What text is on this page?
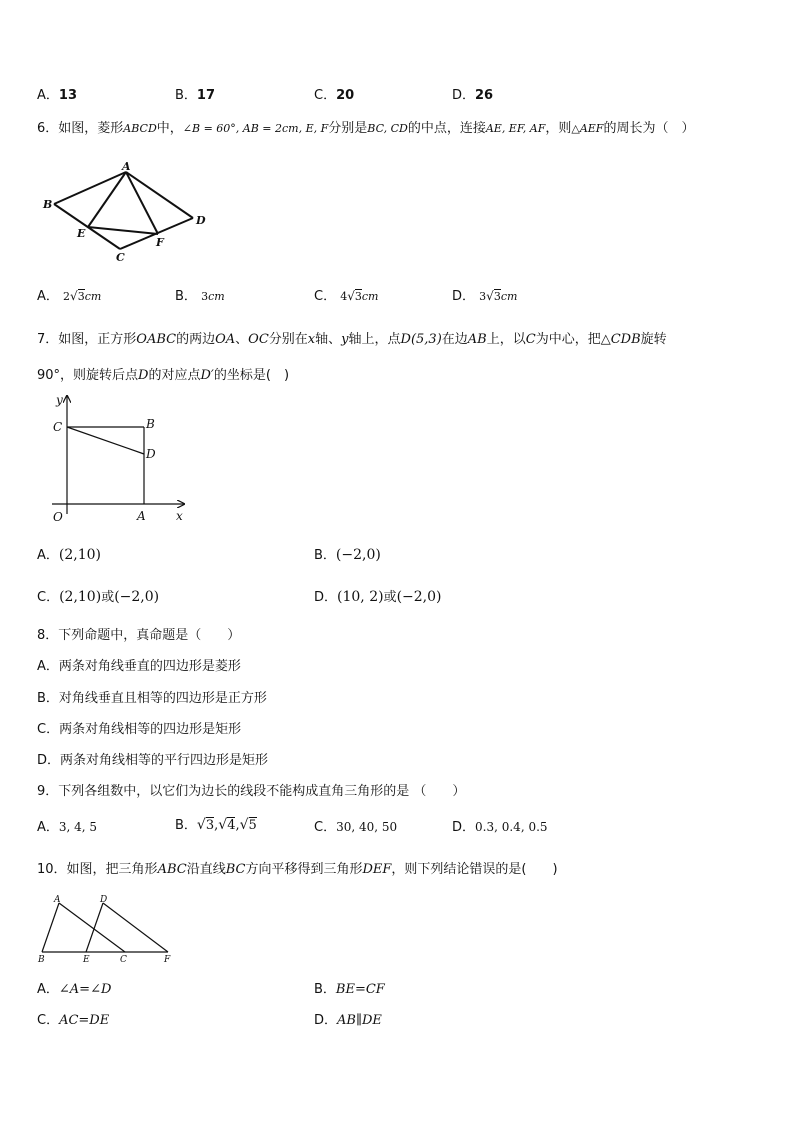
A．13	B．17	C．20	D．26
6．如图，菱形ABCD中，∠B = 60°, AB = 2cm, E, F分别是BC, CD的中点，连接AE, EF, AF，则△AEF的周长为（　）
A
B
C
D
E
F
A． 2√3cm	B． 3cm	C． 4√3cm	D． 3√3cm
7．如图，正方形OABC的两边OA、OC分别在x轴、y轴上，点D(5,3)在边AB上，以C为中心，把△CDB旋转
90°，则旋转后点D的对应点D′的坐标是(　)
y
x
O	A
B
C
D
A．(2,10)	B．(−2,0)
C．(2,10)或(−2,0)	D．(10, 2)或(−2,0)
8．下列命题中，真命题是（　　）
A．两条对角线垂直的四边形是菱形
B．对角线垂直且相等的四边形是正方形
C．两条对角线相等的四边形是矩形
D．两条对角线相等的平行四边形是矩形
9．下列各组数中，以它们为边长的线段不能构成直角三角形的是 （　　）
A．3, 4, 5	B．√3,√4,√5	C．30, 40, 50	D．0.3, 0.4, 0.5
10．如图，把三角形ABC沿直线BC方向平移得到三角形DEF，则下列结论错误的是(　　)
A	D
B	E	C	F
A．∠A=∠D	B．BE=CF
C．AC=DE	D．AB∥DE
